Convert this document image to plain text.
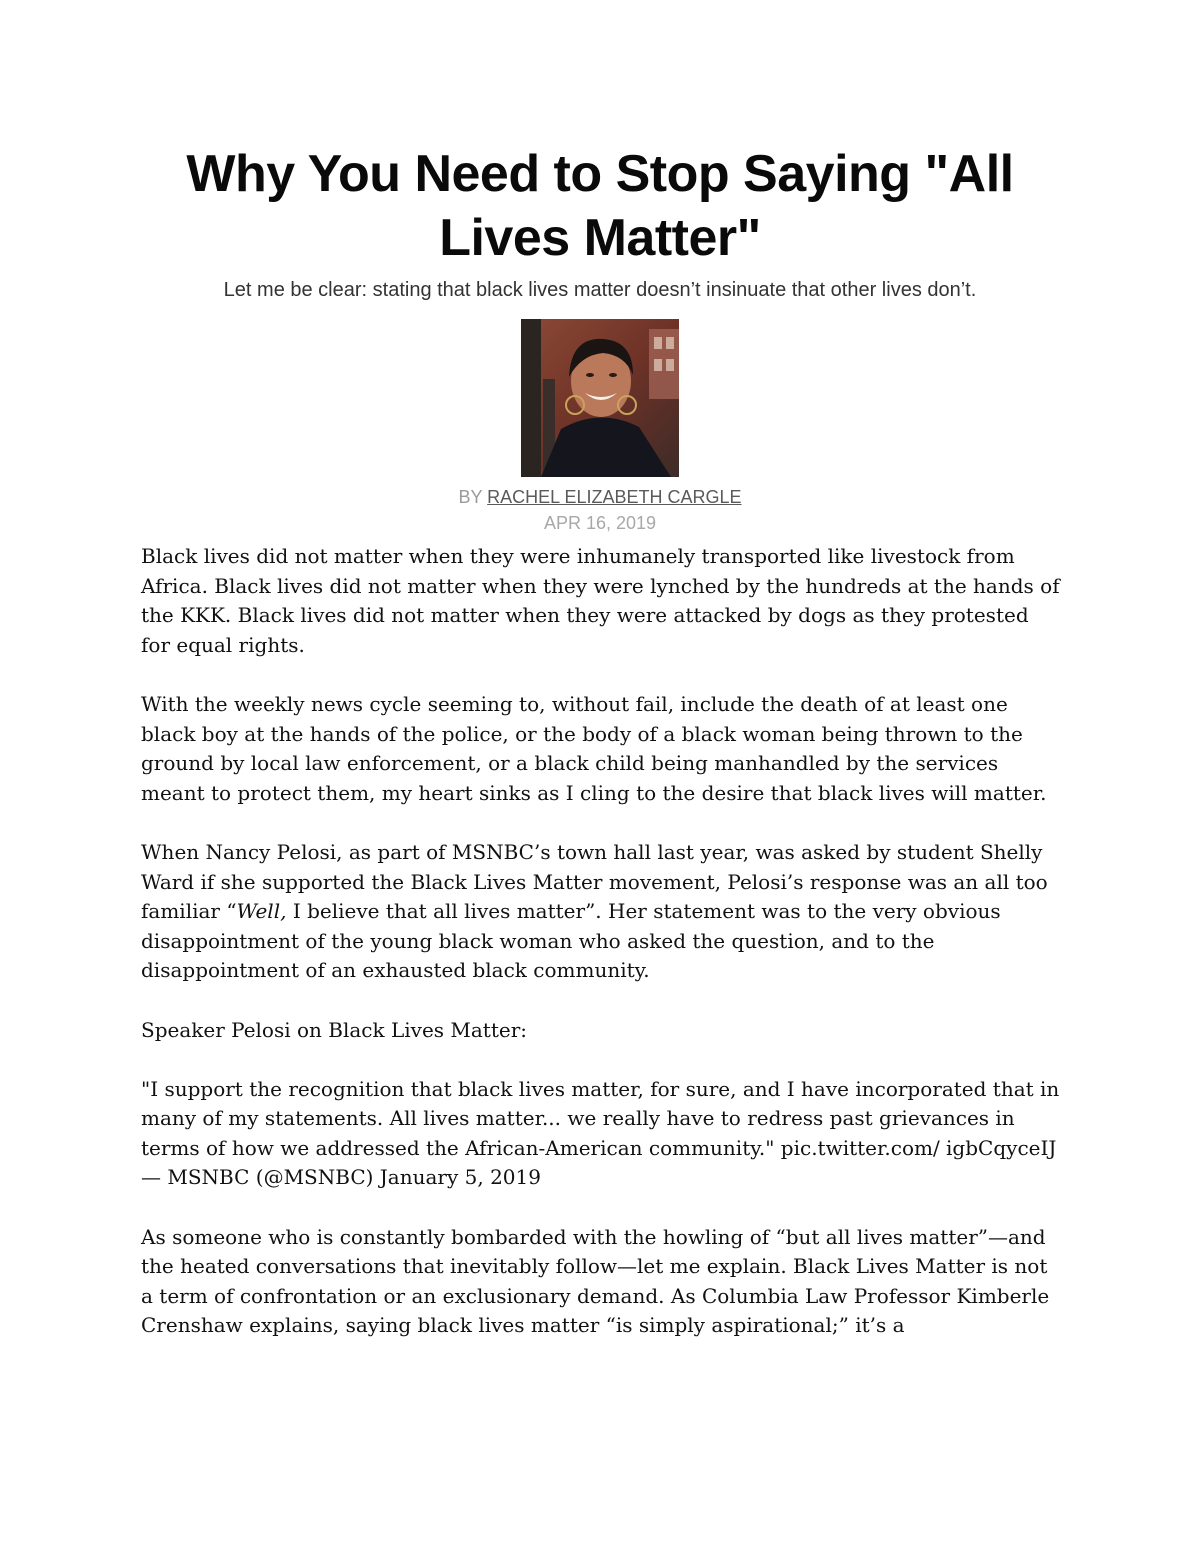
Why You Need to Stop Saying "All Lives Matter"
Let me be clear: stating that black lives matter doesn’t insinuate that other lives don’t.
BY RACHEL ELIZABETH CARGLE
APR 16, 2019

Black lives did not matter when they were inhumanely transported like livestock from Africa. Black lives did not matter when they were lynched by the hundreds at the hands of the KKK. Black lives did not matter when they were attacked by dogs as they protested for equal rights.

With the weekly news cycle seeming to, without fail, include the death of at least one black boy at the hands of the police, or the body of a black woman being thrown to the ground by local law enforcement, or a black child being manhandled by the services meant to protect them, my heart sinks as I cling to the desire that black lives will matter.

When Nancy Pelosi, as part of MSNBC’s town hall last year, was asked by student Shelly Ward if she supported the Black Lives Matter movement, Pelosi’s response was an all too familiar “Well, I believe that all lives matter”. Her statement was to the very obvious disappointment of the young black woman who asked the question, and to the disappointment of an exhausted black community.

Speaker Pelosi on Black Lives Matter:

"I support the recognition that black lives matter, for sure, and I have incorporated that in many of my statements. All lives matter... we really have to redress past grievances in terms of how we addressed the African-American community." pic.twitter.com/ igbCqyceIJ

— MSNBC (@MSNBC) January 5, 2019

As someone who is constantly bombarded with the howling of “but all lives matter”—and the heated conversations that inevitably follow—let me explain. Black Lives Matter is not a term of confrontation or an exclusionary demand. As Columbia Law Professor Kimberle Crenshaw explains, saying black lives matter “is simply aspirational;” it’s a
